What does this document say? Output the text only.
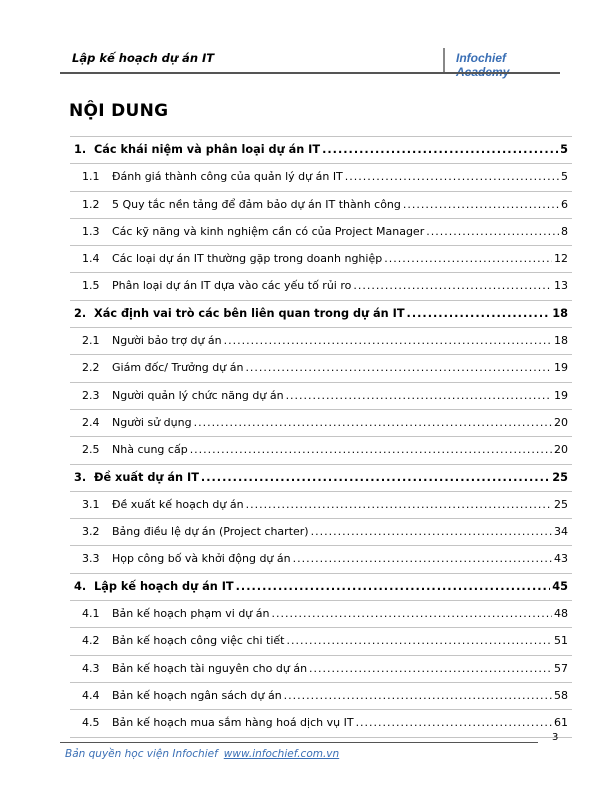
Lập kế hoạch dự án IT	Infochief
NỘI DUNG
1. Các khái niệm và phân loại dự án IT .....	5
1.1 Đánh giá thành công của quản lý dự án IT .....	5
1.2 5 Quy tắc nền tảng để đảm bảo dự án IT thành công .....	6
1.3 Các kỹ năng và kinh nghiệm cần có của Project Manager .....	8
1.4 Các loại dự án IT thường gặp trong doanh nghiệp .....	12
1.5 Phân loại dự án IT dựa vào các yếu tố rủi ro .....	13
2. Xác định vai trò các bên liên quan trong dự án IT .....	18
2.1 Người bảo trợ dự án .....	18
2.2 Giám đốc/ Trưởng dự án .....	19
2.3 Người quản lý chức năng dự án .....	19
2.4 Người sử dụng .....	20
2.5 Nhà cung cấp .....	20
3. Đề xuất dự án IT .....	25
3.1 Đề xuất kế hoạch dự án .....	25
3.2 Bảng điều lệ dự án (Project charter) .....	34
3.3 Họp công bố và khởi động dự án .....	43
4. Lập kế hoạch dự án IT .....	45
4.1 Bản kế hoạch phạm vi dự án .....	48
4.2 Bản kế hoạch công việc chi tiết .....	51
4.3 Bản kế hoạch tài nguyên cho dự án .....	57
4.4 Bản kế hoạch ngân sách dự án .....	58
4.5 Bản kế hoạch mua sắm hàng hoá dịch vụ IT .....	61
3
Bản quyền học viện Infochief www.infochief.com.vn
